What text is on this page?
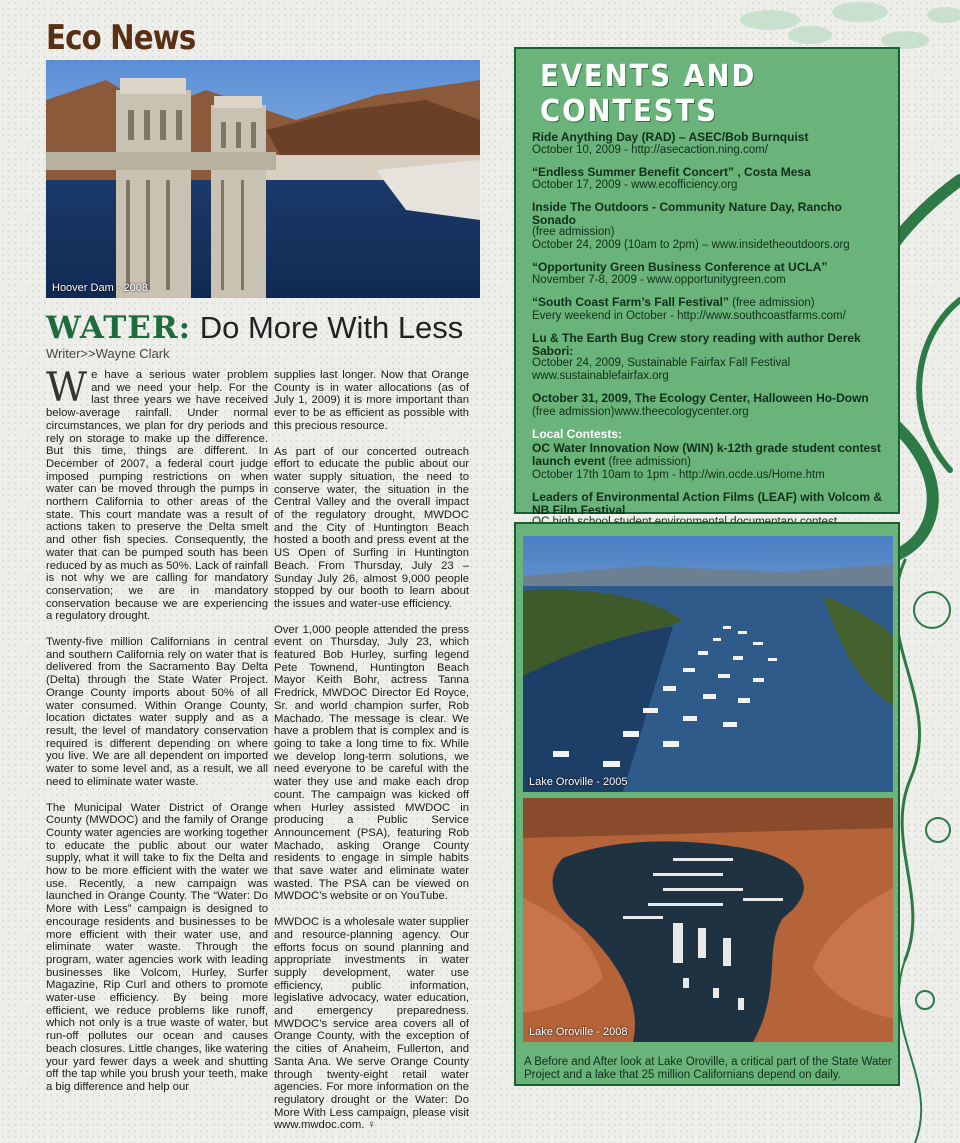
Eco News
Hoover Dam - 2008
WATER: Do More With Less
Writer>>Wayne Clark

We have a serious water problem and we need your help. For the last three years we have received below-average rainfall. Under normal circumstances, we plan for dry periods and rely on storage to make up the difference. But this time, things are different. In December of 2007, a federal court judge imposed pumping restrictions on when water can be moved through the pumps in northern California to other areas of the state. This court mandate was a result of actions taken to preserve the Delta smelt and other fish species. Consequently, the water that can be pumped south has been reduced by as much as 50%. Lack of rainfall is not why we are calling for mandatory conservation; we are in mandatory conservation because we are experiencing a regulatory drought.

Twenty-five million Californians in central and southern California rely on water that is delivered from the Sacramento Bay Delta (Delta) through the State Water Project. Orange County imports about 50% of all water consumed. Within Orange County, location dictates water supply and as a result, the level of mandatory conservation required is different depending on where you live. We are all dependent on imported water to some level and, as a result, we all need to eliminate water waste.

The Municipal Water District of Orange County (MWDOC) and the family of Orange County water agencies are working together to educate the public about our water supply, what it will take to fix the Delta and how to be more efficient with the water we use. Recently, a new campaign was launched in Orange County. The “Water: Do More with Less” campaign is designed to encourage residents and businesses to be more efficient with their water use, and eliminate water waste. Through the program, water agencies work with leading businesses like Volcom, Hurley, Surfer Magazine, Rip Curl and others to promote water-use efficiency. By being more efficient, we reduce problems like runoff, which not only is a true waste of water, but run-off pollutes our ocean and causes beach closures. Little changes, like watering your yard fewer days a week and shutting off the tap while you brush your teeth, make a big difference and help our

supplies last longer. Now that Orange County is in water allocations (as of July 1, 2009) it is more important than ever to be as efficient as possible with this precious resource.

As part of our concerted outreach effort to educate the public about our water supply situation, the need to conserve water, the situation in the Central Valley and the overall impact of the regulatory drought, MWDOC and the City of Huntington Beach hosted a booth and press event at the US Open of Surfing in Huntington Beach. From Thursday, July 23 – Sunday July 26, almost 9,000 people stopped by our booth to learn about the issues and water-use efficiency.

Over 1,000 people attended the press event on Thursday, July 23, which featured Bob Hurley, surfing legend Pete Townend, Huntington Beach Mayor Keith Bohr, actress Tanna Fredrick, MWDOC Director Ed Royce, Sr. and world champion surfer, Rob Machado. The message is clear. We have a problem that is complex and is going to take a long time to fix. While we develop long-term solutions, we need everyone to be careful with the water they use and make each drop count. The campaign was kicked off when Hurley assisted MWDOC in producing a Public Service Announcement (PSA), featuring Rob Machado, asking Orange County residents to engage in simple habits that save water and eliminate water wasted. The PSA can be viewed on MWDOC’s website or on YouTube.

MWDOC is a wholesale water supplier and resource-planning agency. Our efforts focus on sound planning and appropriate investments in water supply development, water use efficiency, public information, legislative advocacy, water education, and emergency preparedness. MWDOC’s service area covers all of Orange County, with the exception of the cities of Anaheim, Fullerton, and Santa Ana. We serve Orange County through twenty-eight retail water agencies. For more information on the regulatory drought or the Water: Do More With Less campaign, please visit www.mwdoc.com. ♀

EVENTS AND CONTESTS
Ride Anything Day (RAD) – ASEC/Bob Burnquist
October 10, 2009 - http://asecaction.ning.com/
“Endless Summer Benefit Concert” , Costa Mesa
October 17, 2009 - www.ecofficiency.org
Inside The Outdoors - Community Nature Day, Rancho Sonado
(free admission)
October 24, 2009 (10am to 2pm) – www.insidetheoutdoors.org
“Opportunity Green Business Conference at UCLA”
November 7-8, 2009 - www.opportunitygreen.com
“South Coast Farm’s Fall Festival” (free admission)
Every weekend in October - http://www.southcoastfarms.com/
Lu & The Earth Bug Crew story reading with author Derek Sabori:
October 24, 2009, Sustainable Fairfax Fall Festival
www.sustainablefairfax.org
October 31, 2009, The Ecology Center, Halloween Ho-Down (free admission)www.theecologycenter.org
Local Contests:
OC Water Innovation Now (WIN) k-12th grade student contest launch event (free admission)
October 17th 10am to 1pm - http://win.ocde.us/Home.htm
Leaders of Environmental Action Films (LEAF) with Volcom & NB Film Festival
Lake Oroville - 2005
Lake Oroville - 2008
A Before and After look at Lake Oroville, a critical part of the State Water Project and a lake that 25 million Californians depend on daily.
